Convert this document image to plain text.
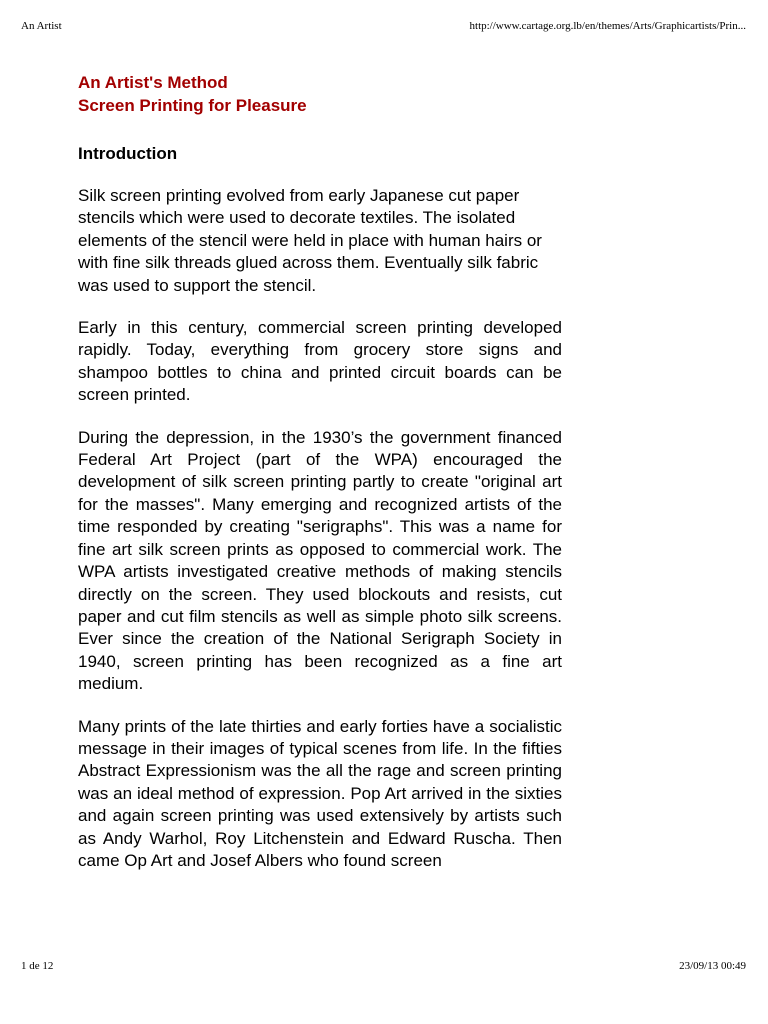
An Artist	http://www.cartage.org.lb/en/themes/Arts/Graphicartists/Prin...
An Artist's Method
Screen Printing for Pleasure
Introduction

Silk screen printing evolved from early Japanese cut paper stencils which were used to decorate textiles. The isolated elements of the stencil were held in place with human hairs or with fine silk threads glued across them. Eventually silk fabric was used to support the stencil.

Early in this century, commercial screen printing developed rapidly. Today, everything from grocery store signs and shampoo bottles to china and printed circuit boards can be screen printed.

During the depression, in the 1930’s the government financed Federal Art Project (part of the WPA) encouraged the development of silk screen printing partly to create "original art for the masses". Many emerging and recognized artists of the time responded by creating "serigraphs". This was a name for fine art silk screen prints as opposed to commercial work. The WPA artists investigated creative methods of making stencils directly on the screen. They used blockouts and resists, cut paper and cut film stencils as well as simple photo silk screens. Ever since the creation of the National Serigraph Society in 1940, screen printing has been recognized as a fine art medium.

Many prints of the late thirties and early forties have a socialistic message in their images of typical scenes from life. In the fifties Abstract Expressionism was the all the rage and screen printing was an ideal method of expression. Pop Art arrived in the sixties and again screen printing was used extensively by artists such as Andy Warhol, Roy Litchenstein and Edward Ruscha. Then came Op Art and Josef Albers who found screen

1 de 12	23/09/13 00:49
